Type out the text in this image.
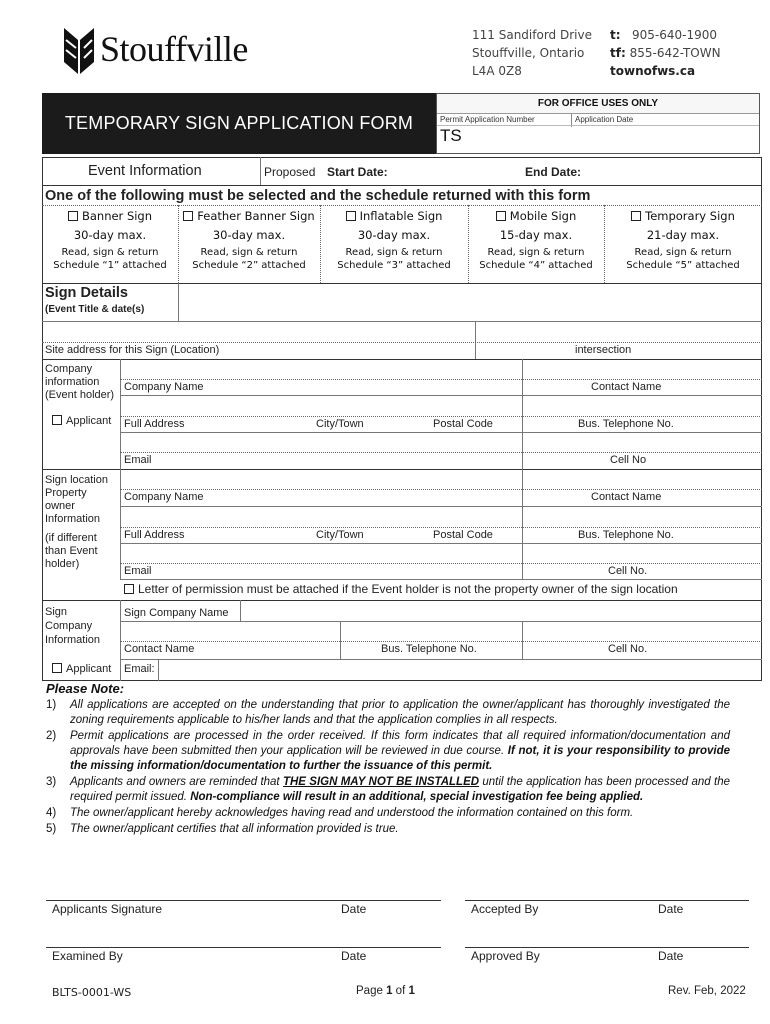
Stouffville	111 Sandiford Drive
Stouffville, Ontario
L4A 0Z8
t: 905-640-1900
tf: 855-642-TOWN
townofws.ca
TEMPORARY SIGN APPLICATION FORM
FOR OFFICE USES ONLY
Permit Application Number	Application Date
TS
Event Information	Proposed Start Date:	End Date:
One of the following must be selected and the schedule returned with this form
Banner Sign
30-day max.
Read, sign & return
Schedule “1” attached
Feather Banner Sign
30-day max.
Read, sign & return
Schedule “2” attached
Inflatable Sign
30-day max.
Read, sign & return
Schedule “3” attached
Mobile Sign
15-day max.
Read, sign & return
Schedule “4” attached
Temporary Sign
21-day max.
Read, sign & return
Schedule “5” attached
Sign Details
(Event Title & date(s)
Site address for this Sign (Location)	intersection
Company
information
(Event holder)
Applicant
Company Name	Contact Name
Full Address	City/Town	Postal Code	Bus. Telephone No.
Email	Cell No
Sign location
Property
owner
Information
(if different
than Event
holder)
Company Name	Contact Name
Full Address	City/Town	Postal Code	Bus. Telephone No.
Email	Cell No.
Letter of permission must be attached if the Event holder is not the property owner of the sign location
Sign
Company
Information
Sign Company Name
Contact Name	Bus. Telephone No.	Cell No.
Applicant Email:
Please Note:
1) All applications are accepted on the understanding that prior to application the owner/applicant has thoroughly investigated the zoning requirements applicable to his/her lands and that the application complies in all respects.
2) Permit applications are processed in the order received. If this form indicates that all required information/documentation and approvals have been submitted then your application will be reviewed in due course. If not, it is your responsibility to provide the missing information/documentation to further the issuance of this permit.
3) Applicants and owners are reminded that THE SIGN MAY NOT BE INSTALLED until the application has been processed and the required permit issued. Non-compliance will result in an additional, special investigation fee being applied.
4) The owner/applicant hereby acknowledges having read and understood the information contained on this form.
5) The owner/applicant certifies that all information provided is true.
Applicants Signature	Date	Accepted By	Date
Examined By	Date	Approved By	Date
BLTS-0001-WS	Page 1 of 1	Rev. Feb, 2022
